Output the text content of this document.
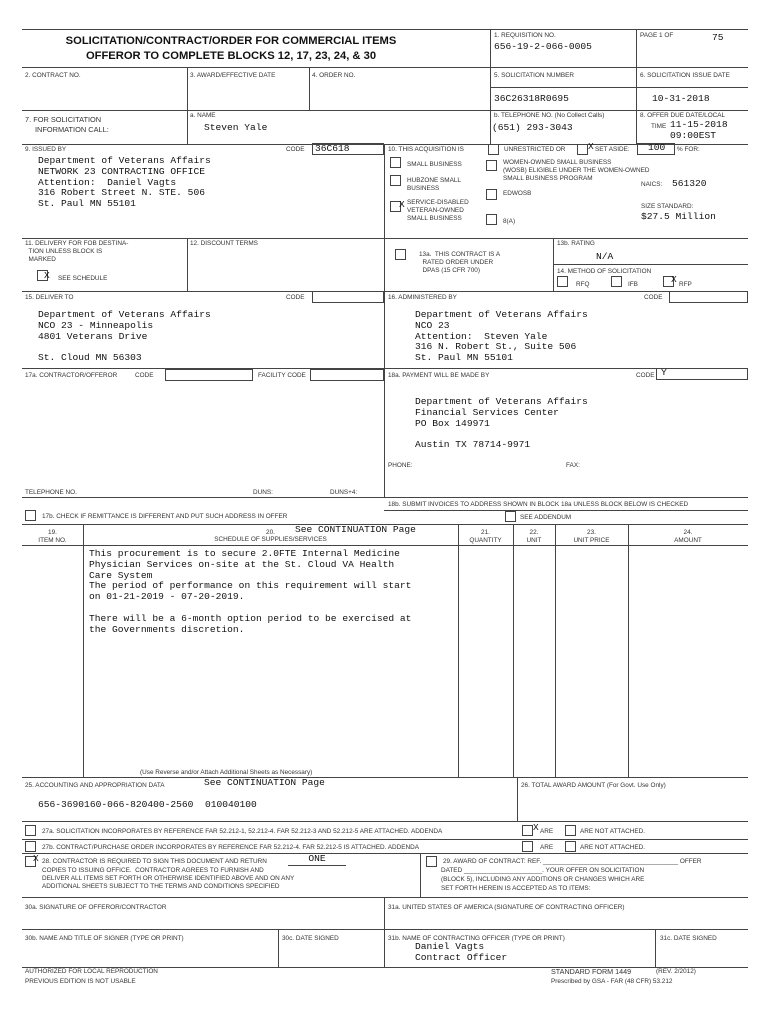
SOLICITATION/CONTRACT/ORDER FOR COMMERCIAL ITEMS
OFFEROR TO COMPLETE BLOCKS 12, 17, 23, 24, & 30
1. REQUISITION NO.
656-19-2-066-0005
PAGE 1 OF	75
2. CONTRACT NO.	3. AWARD/EFFECTIVE DATE	4. ORDER NO.	5. SOLICITATION NUMBER
36C26318R0695
6. SOLICITATION ISSUE DATE
10-31-2018
7. FOR SOLICITATION
INFORMATION CALL:
a. NAME
Steven Yale
b. TELEPHONE NO. (No Collect Calls)
(651) 293-3043
8. OFFER DUE DATE/LOCAL
TIME 11-15-2018
09:00EST
9. ISSUED BY	CODE 36C618
Department of Veterans Affairs
NETWORK 23 CONTRACTING OFFICE
Attention:  Daniel Vagts
316 Robert Street N. STE. 506
St. Paul MN 55101
10. THIS ACQUISITION IS	UNRESTRICTED OR X SET ASIDE: 100 % FOR:
SMALL BUSINESS
HUBZONE SMALL
BUSINESS
X SERVICE-DISABLED
VETERAN-OWNED
SMALL BUSINESS
WOMEN-OWNED SMALL BUSINESS
(WOSB) ELIGIBLE UNDER THE WOMEN-OWNED
SMALL BUSINESS PROGRAM
EDWOSB
8(A)
NAICS: 561320
SIZE STANDARD:
$27.5 Million
11. DELIVERY FOR FOB DESTINA-
TION UNLESS BLOCK IS
MARKED
X SEE SCHEDULE
12. DISCOUNT TERMS
13a.  THIS CONTRACT IS A
RATED ORDER UNDER
DPAS (15 CFR 700)
13b. RATING
N/A
14. METHOD OF SOLICITATION
RFQ	IFB	X RFP
15. DELIVER TO	CODE
Department of Veterans Affairs
NCO 23 - Minneapolis
4801 Veterans Drive

St. Cloud MN 56303
16. ADMINISTERED BY	CODE
Department of Veterans Affairs
NCO 23
Attention:  Steven Yale
316 N. Robert St., Suite 506
St. Paul MN 55101
17a. CONTRACTOR/OFFEROR	CODE	FACILITY CODE
TELEPHONE NO.	DUNS:	DUNS+4:
17b. CHECK IF REMITTANCE IS DIFFERENT AND PUT SUCH ADDRESS IN OFFER
18a. PAYMENT WILL BE MADE BY	CODE Y
Department of Veterans Affairs
Financial Services Center
PO Box 149971

Austin TX 78714-9971
PHONE:	FAX:
18b. SUBMIT INVOICES TO ADDRESS SHOWN IN BLOCK 18a UNLESS BLOCK BELOW IS CHECKED
SEE ADDENDUM
19.
ITEM NO.
20.	See CONTINUATION Page
SCHEDULE OF SUPPLIES/SERVICES
21.
QUANTITY
22.
UNIT
23.
UNIT PRICE
24.
AMOUNT
This procurement is to secure 2.0FTE Internal Medicine
Physician Services on-site at the St. Cloud VA Health
Care System
The period of performance on this requirement will start
on 01-21-2019 - 07-20-2019.

There will be a 6-month option period to be exercised at
the Governments discretion.
(Use Reverse and/or Attach Additional Sheets as Necessary)
25. ACCOUNTING AND APPROPRIATION DATA	See CONTINUATION Page
656-3690160-066-820400-2560  010040100
26. TOTAL AWARD AMOUNT (For Govt. Use Only)
27a. SOLICITATION INCORPORATES BY REFERENCE FAR 52.212-1, 52.212-4. FAR 52.212-3 AND 52.212-5 ARE ATTACHED. ADDENDA	X ARE	ARE NOT ATTACHED.
27b. CONTRACT/PURCHASE ORDER INCORPORATES BY REFERENCE FAR 52.212-4. FAR 52.212-5 IS ATTACHED. ADDENDA	ARE	ARE NOT ATTACHED.
X 28. CONTRACTOR IS REQUIRED TO SIGN THIS DOCUMENT AND RETURN	ONE
COPIES TO ISSUING OFFICE.  CONTRACTOR AGREES TO FURNISH AND
DELIVER ALL ITEMS SET FORTH OR OTHERWISE IDENTIFIED ABOVE AND ON ANY
ADDITIONAL SHEETS SUBJECT TO THE TERMS AND CONDITIONS SPECIFIED
29. AWARD OF CONTRACT: REF. ______________________________________ OFFER
DATED ______________________. YOUR OFFER ON SOLICITATION
(BLOCK 5), INCLUDING ANY ADDITIONS OR CHANGES WHICH ARE
SET FORTH HEREIN IS ACCEPTED AS TO ITEMS:
30a. SIGNATURE OF OFFEROR/CONTRACTOR	31a. UNITED STATES OF AMERICA (SIGNATURE OF CONTRACTING OFFICER)
30b. NAME AND TITLE OF SIGNER (TYPE OR PRINT)	30c. DATE SIGNED	31b. NAME OF CONTRACTING OFFICER (TYPE OR PRINT)
Daniel Vagts
Contract Officer
31c. DATE SIGNED
AUTHORIZED FOR LOCAL REPRODUCTION
PREVIOUS EDITION IS NOT USABLE
STANDARD FORM 1449	(REV. 2/2012)
Prescribed by GSA - FAR (48 CFR) 53.212
